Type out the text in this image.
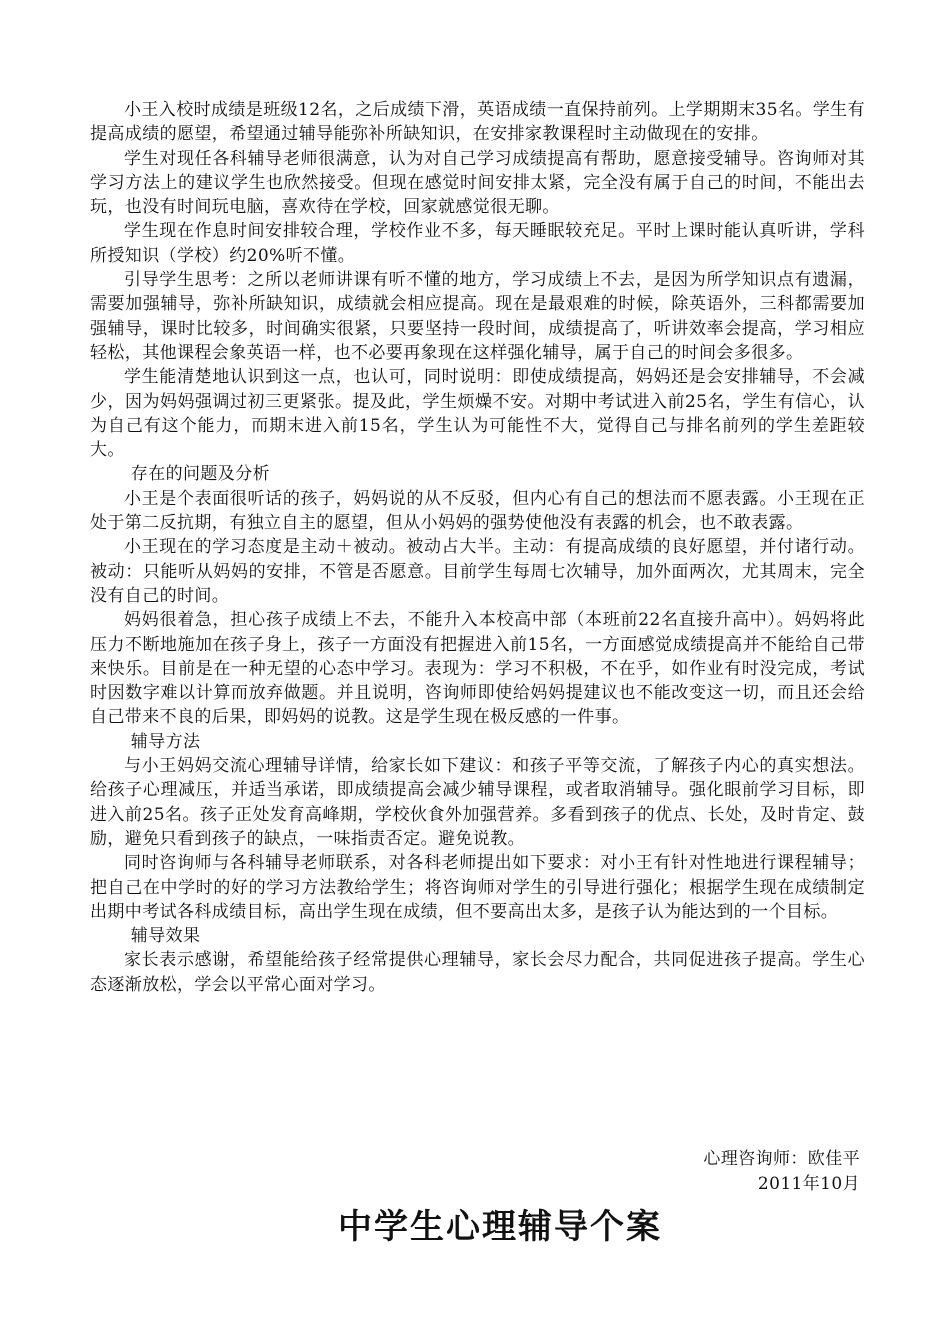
小王入校时成绩是班级12名，之后成绩下滑，英语成绩一直保持前列。上学期期末35名。学生有提高成绩的愿望，希望通过辅导能弥补所缺知识，在安排家教课程时主动做现在的安排。

学生对现任各科辅导老师很满意，认为对自己学习成绩提高有帮助，愿意接受辅导。咨询师对其学习方法上的建议学生也欣然接受。但现在感觉时间安排太紧，完全没有属于自己的时间，不能出去玩，也没有时间玩电脑，喜欢待在学校，回家就感觉很无聊。

学生现在作息时间安排较合理，学校作业不多，每天睡眠较充足。平时上课时能认真听讲，学科所授知识（学校）约20%听不懂。

引导学生思考：之所以老师讲课有听不懂的地方，学习成绩上不去，是因为所学知识点有遗漏，需要加强辅导，弥补所缺知识，成绩就会相应提高。现在是最艰难的时候，除英语外，三科都需要加强辅导，课时比较多，时间确实很紧，只要坚持一段时间，成绩提高了，听讲效率会提高，学习相应轻松，其他课程会象英语一样，也不必要再象现在这样强化辅导，属于自己的时间会多很多。

学生能清楚地认识到这一点，也认可，同时说明：即使成绩提高，妈妈还是会安排辅导，不会减少，因为妈妈强调过初三更紧张。提及此，学生烦燥不安。对期中考试进入前25名，学生有信心，认为自己有这个能力，而期末进入前15名，学生认为可能性不大，觉得自己与排名前列的学生差距较大。

存在的问题及分析

小王是个表面很听话的孩子，妈妈说的从不反驳，但内心有自己的想法而不愿表露。小王现在正处于第二反抗期，有独立自主的愿望，但从小妈妈的强势使他没有表露的机会，也不敢表露。

小王现在的学习态度是主动＋被动。被动占大半。主动：有提高成绩的良好愿望，并付诸行动。被动：只能听从妈妈的安排，不管是否愿意。目前学生每周七次辅导，加外面两次，尤其周末，完全没有自己的时间。

妈妈很着急，担心孩子成绩上不去，不能升入本校高中部（本班前22名直接升高中）。妈妈将此压力不断地施加在孩子身上，孩子一方面没有把握进入前15名，一方面感觉成绩提高并不能给自己带来快乐。目前是在一种无望的心态中学习。表现为：学习不积极，不在乎，如作业有时没完成，考试时因数字难以计算而放弃做题。并且说明，咨询师即使给妈妈提建议也不能改变这一切，而且还会给自己带来不良的后果，即妈妈的说教。这是学生现在极反感的一件事。

辅导方法

与小王妈妈交流心理辅导详情，给家长如下建议：和孩子平等交流，了解孩子内心的真实想法。给孩子心理减压，并适当承诺，即成绩提高会减少辅导课程，或者取消辅导。强化眼前学习目标，即进入前25名。孩子正处发育高峰期，学校伙食外加强营养。多看到孩子的优点、长处，及时肯定、鼓励，避免只看到孩子的缺点，一味指责否定。避免说教。

同时咨询师与各科辅导老师联系，对各科老师提出如下要求：对小王有针对性地进行课程辅导；把自己在中学时的好的学习方法教给学生；将咨询师对学生的引导进行强化；根据学生现在成绩制定出期中考试各科成绩目标，高出学生现在成绩，但不要高出太多，是孩子认为能达到的一个目标。

辅导效果

家长表示感谢，希望能给孩子经常提供心理辅导，家长会尽力配合，共同促进孩子提高。学生心态逐渐放松，学会以平常心面对学习。

心理咨询师：欧佳平
2011年10月
中学生心理辅导个案
